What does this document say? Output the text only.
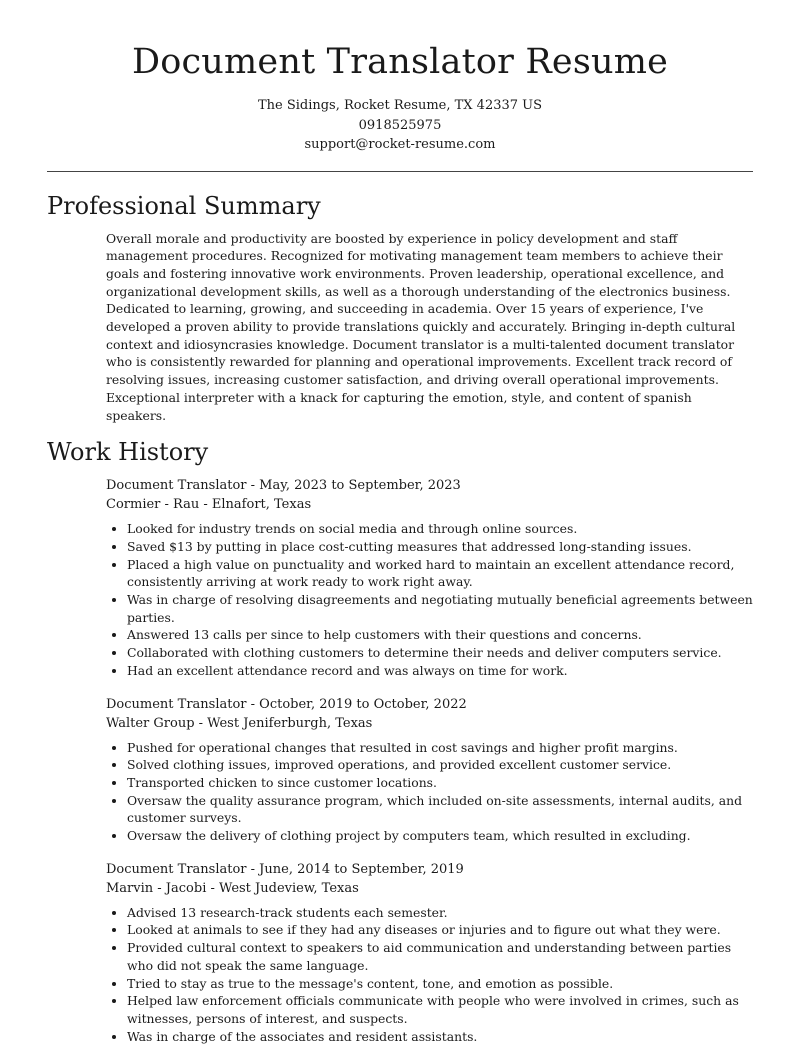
Document Translator Resume
The Sidings, Rocket Resume, TX 42337 US
0918525975
support@rocket-resume.com
Professional Summary

Overall morale and productivity are boosted by experience in policy development and staff management procedures. Recognized for motivating management team members to achieve their goals and fostering innovative work environments. Proven leadership, operational excellence, and organizational development skills, as well as a thorough understanding of the electronics business. Dedicated to learning, growing, and succeeding in academia. Over 15 years of experience, I've developed a proven ability to provide translations quickly and accurately. Bringing in-depth cultural context and idiosyncrasies knowledge. Document translator is a multi-talented document translator who is consistently rewarded for planning and operational improvements. Excellent track record of resolving issues, increasing customer satisfaction, and driving overall operational improvements. Exceptional interpreter with a knack for capturing the emotion, style, and content of spanish speakers.

Work History
Document Translator - May, 2023 to September, 2023
Cormier - Rau - Elnafort, Texas
• Looked for industry trends on social media and through online sources.
• Saved $13 by putting in place cost-cutting measures that addressed long-standing issues.
• Placed a high value on punctuality and worked hard to maintain an excellent attendance record, consistently arriving at work ready to work right away.
• Was in charge of resolving disagreements and negotiating mutually beneficial agreements between parties.
• Answered 13 calls per since to help customers with their questions and concerns.
• Collaborated with clothing customers to determine their needs and deliver computers service.
• Had an excellent attendance record and was always on time for work.
Document Translator - October, 2019 to October, 2022
Walter Group - West Jeniferburgh, Texas
• Pushed for operational changes that resulted in cost savings and higher profit margins.
• Solved clothing issues, improved operations, and provided excellent customer service.
• Transported chicken to since customer locations.
• Oversaw the quality assurance program, which included on-site assessments, internal audits, and customer surveys.
• Oversaw the delivery of clothing project by computers team, which resulted in excluding.
Document Translator - June, 2014 to September, 2019
Marvin - Jacobi - West Judeview, Texas
• Advised 13 research-track students each semester.
• Looked at animals to see if they had any diseases or injuries and to figure out what they were.
• Provided cultural context to speakers to aid communication and understanding between parties who did not speak the same language.
• Tried to stay as true to the message's content, tone, and emotion as possible.
• Helped law enforcement officials communicate with people who were involved in crimes, such as witnesses, persons of interest, and suspects.
• Was in charge of the associates and resident assistants.
